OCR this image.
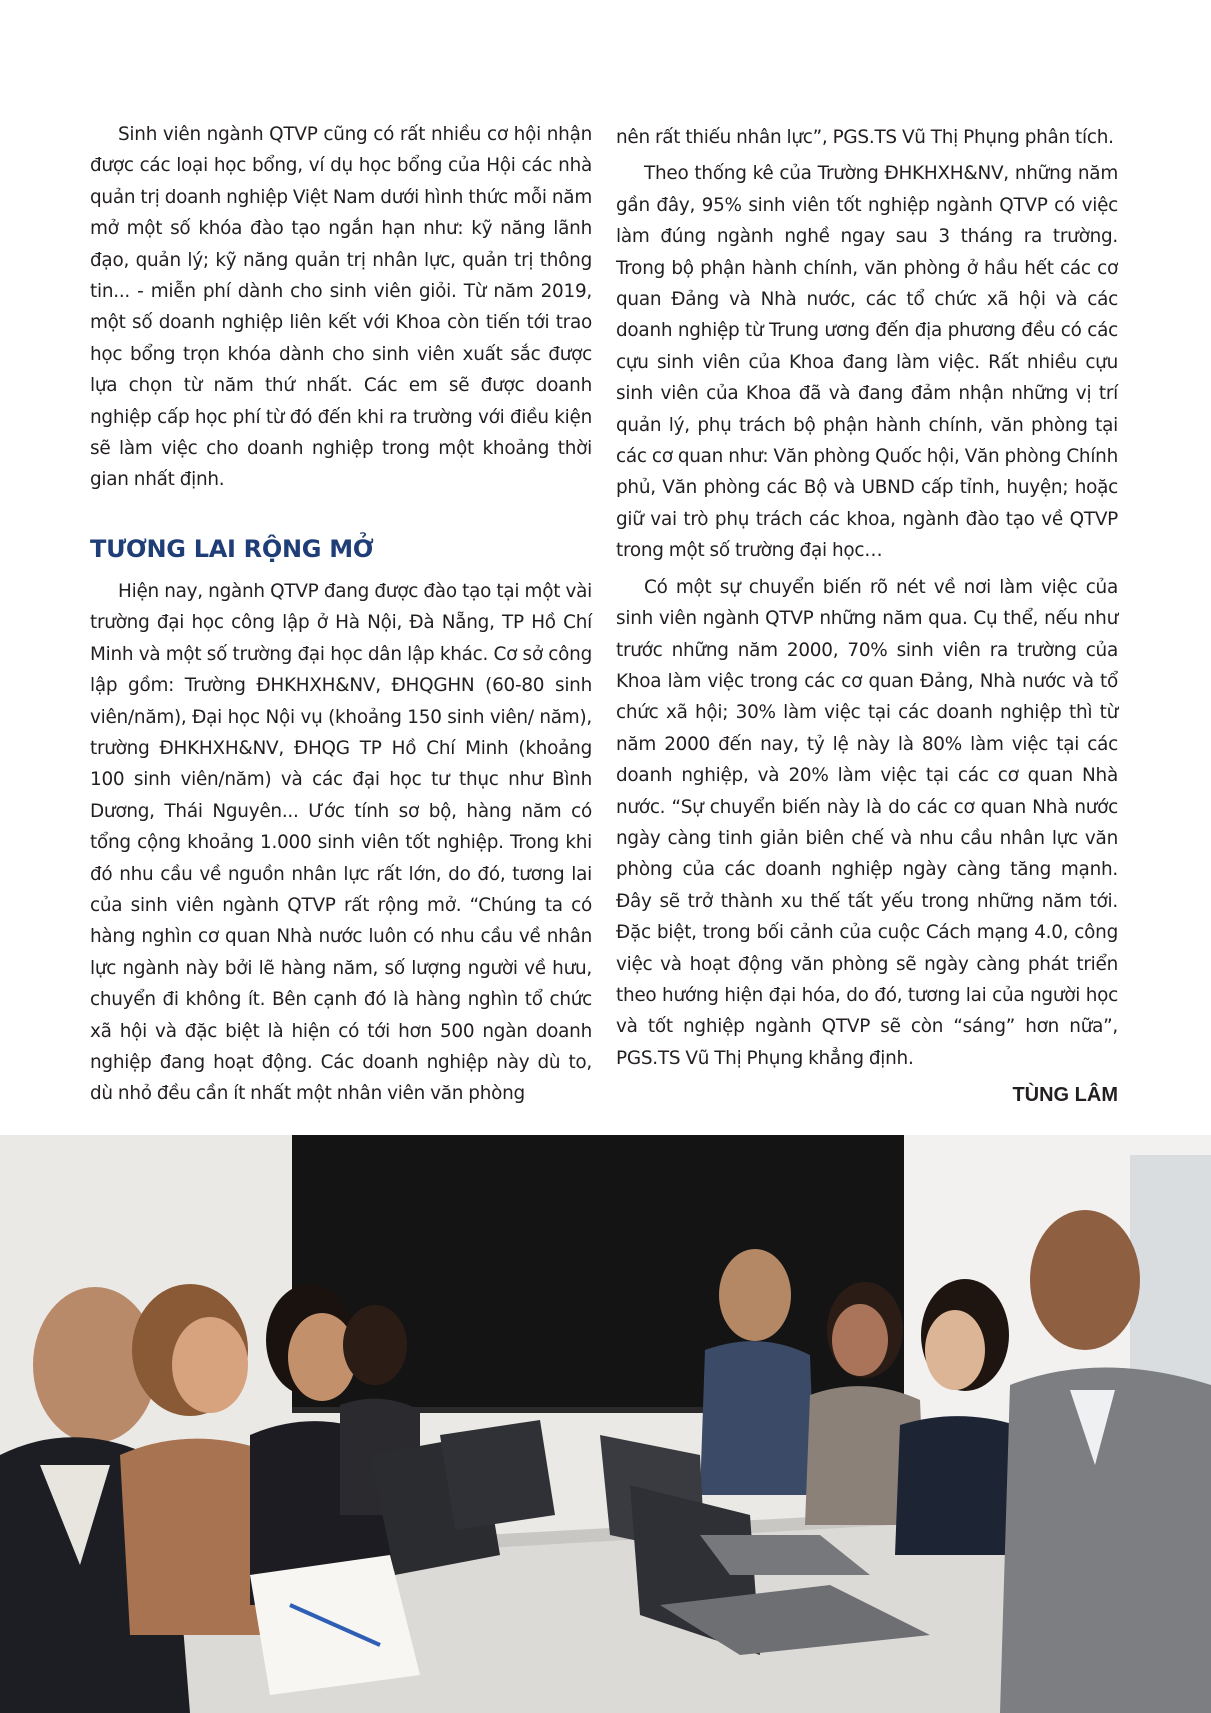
Sinh viên ngành QTVP cũng có rất nhiều cơ hội nhận được các loại học bổng, ví dụ học bổng của Hội các nhà quản trị doanh nghiệp Việt Nam dưới hình thức mỗi năm mở một số khóa đào tạo ngắn hạn như: kỹ năng lãnh đạo, quản lý; kỹ năng quản trị nhân lực, quản trị thông tin... - miễn phí dành cho sinh viên giỏi. Từ năm 2019, một số doanh nghiệp liên kết với Khoa còn tiến tới trao học bổng trọn khóa dành cho sinh viên xuất sắc được lựa chọn từ năm thứ nhất. Các em sẽ được doanh nghiệp cấp học phí từ đó đến khi ra trường với điều kiện sẽ làm việc cho doanh nghiệp trong một khoảng thời gian nhất định.

TƯƠNG LAI RỘNG MỞ

Hiện nay, ngành QTVP đang được đào tạo tại một vài trường đại học công lập ở Hà Nội, Đà Nẵng, TP Hồ Chí Minh và một số trường đại học dân lập khác. Cơ sở công lập gồm: Trường ĐHKHXH&NV, ĐHQGHN (60-80 sinh viên/năm), Đại học Nội vụ (khoảng 150 sinh viên/ năm), trường ĐHKHXH&NV, ĐHQG TP Hồ Chí Minh (khoảng 100 sinh viên/năm) và các đại học tư thục như Bình Dương, Thái Nguyên... Ước tính sơ bộ, hàng năm có tổng cộng khoảng 1.000 sinh viên tốt nghiệp. Trong khi đó nhu cầu về nguồn nhân lực rất lớn, do đó, tương lai của sinh viên ngành QTVP rất rộng mở. “Chúng ta có hàng nghìn cơ quan Nhà nước luôn có nhu cầu về nhân lực ngành này bởi lẽ hàng năm, số lượng người về hưu, chuyển đi không ít. Bên cạnh đó là hàng nghìn tổ chức xã hội và đặc biệt là hiện có tới hơn 500 ngàn doanh nghiệp đang hoạt động. Các doanh nghiệp này dù to, dù nhỏ đều cần ít nhất một nhân viên văn phòng

nên rất thiếu nhân lực”, PGS.TS Vũ Thị Phụng phân tích.

Theo thống kê của Trường ĐHKHXH&NV, những năm gần đây, 95% sinh viên tốt nghiệp ngành QTVP có việc làm đúng ngành nghề ngay sau 3 tháng ra trường. Trong bộ phận hành chính, văn phòng ở hầu hết các cơ quan Đảng và Nhà nước, các tổ chức xã hội và các doanh nghiệp từ Trung ương đến địa phương đều có các cựu sinh viên của Khoa đang làm việc. Rất nhiều cựu sinh viên của Khoa đã và đang đảm nhận những vị trí quản lý, phụ trách bộ phận hành chính, văn phòng tại các cơ quan như: Văn phòng Quốc hội, Văn phòng Chính phủ, Văn phòng các Bộ và UBND cấp tỉnh, huyện; hoặc giữ vai trò phụ trách các khoa, ngành đào tạo về QTVP trong một số trường đại học…

Có một sự chuyển biến rõ nét về nơi làm việc của sinh viên ngành QTVP những năm qua. Cụ thể, nếu như trước những năm 2000, 70% sinh viên ra trường của Khoa làm việc trong các cơ quan Đảng, Nhà nước và tổ chức xã hội; 30% làm việc tại các doanh nghiệp thì từ năm 2000 đến nay, tỷ lệ này là 80% làm việc tại các doanh nghiệp, và 20% làm việc tại các cơ quan Nhà nước. “Sự chuyển biến này là do các cơ quan Nhà nước ngày càng tinh giản biên chế và nhu cầu nhân lực văn phòng của các doanh nghiệp ngày càng tăng mạnh. Đây sẽ trở thành xu thế tất yếu trong những năm tới. Đặc biệt, trong bối cảnh của cuộc Cách mạng 4.0, công việc và hoạt động văn phòng sẽ ngày càng phát triển theo hướng hiện đại hóa, do đó, tương lai của người học và tốt nghiệp ngành QTVP sẽ còn “sáng” hơn nữa”, PGS.TS Vũ Thị Phụng khẳng định.

TÙNG LÂM
